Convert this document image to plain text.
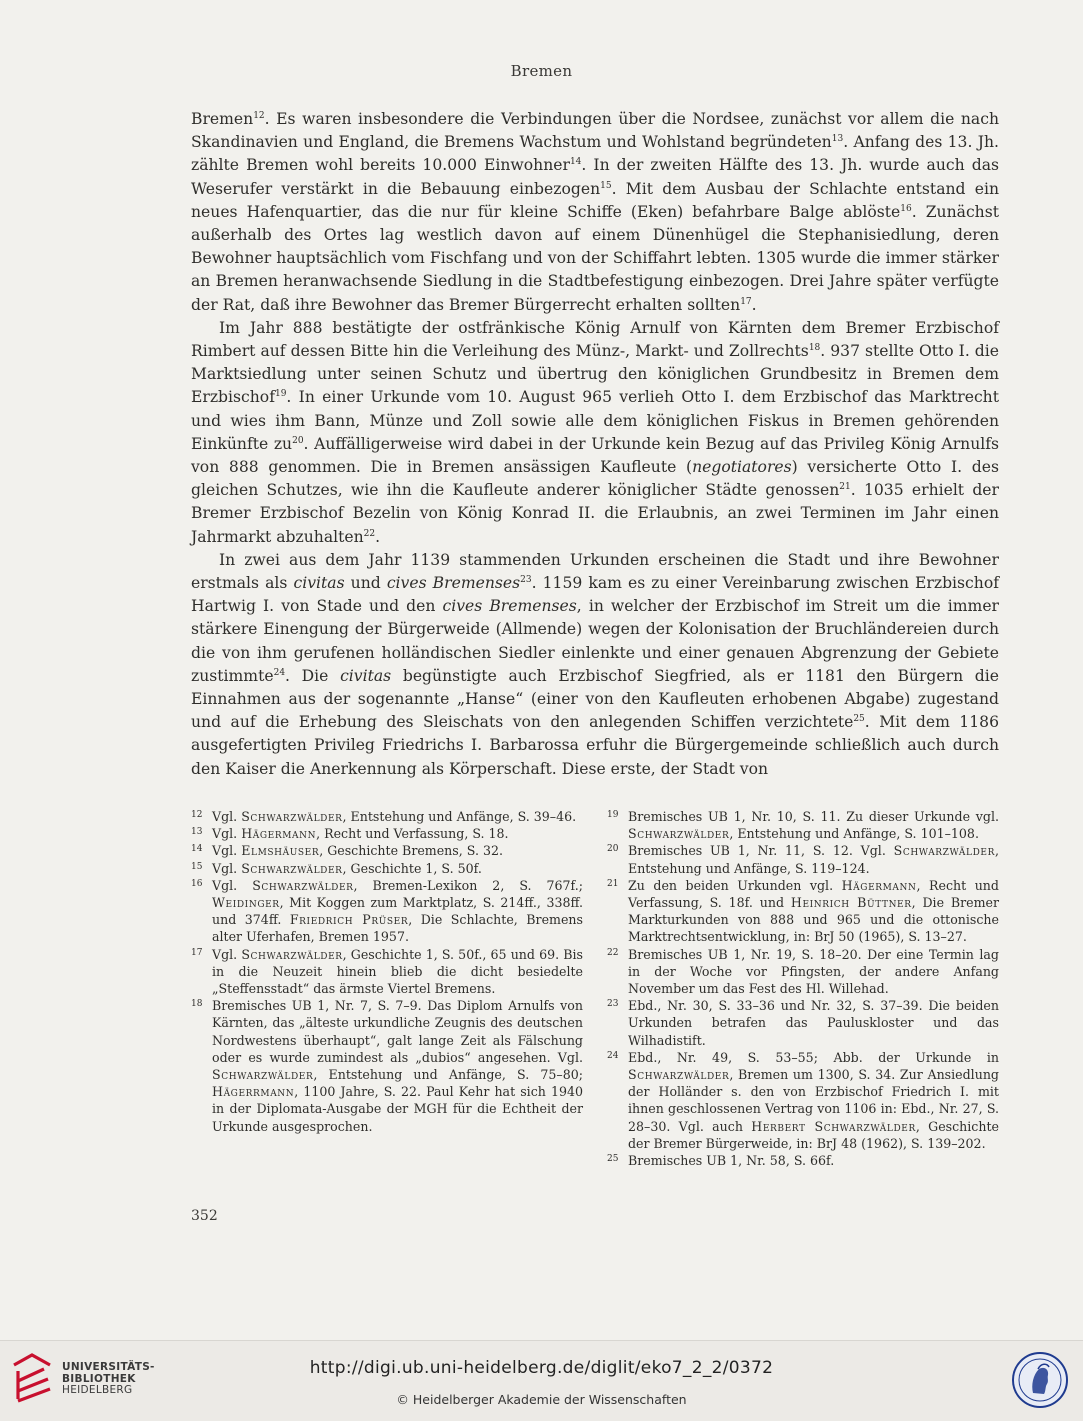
Bremen

Bremen$^{12}$. Es waren insbesondere die Verbindungen über die Nordsee, zunächst vor allem die nach Skandinavien und England, die Bremens Wachstum und Wohlstand begründeten$^{13}$. Anfang des 13. Jh. zählte Bremen wohl bereits 10.000 Einwohner$^{14}$. In der zweiten Hälfte des 13. Jh. wurde auch das Weserufer verstärkt in die Bebauung einbezogen$^{15}$. Mit dem Ausbau der Schlachte entstand ein neues Hafenquartier, das die nur für kleine Schiffe (Eken) befahrbare Balge ablöste$^{16}$. Zunächst außerhalb des Ortes lag westlich davon auf einem Dünenhügel die Stephanisiedlung, deren Bewohner hauptsächlich vom Fischfang und von der Schiffahrt lebten. 1305 wurde die immer stärker an Bremen heranwachsende Siedlung in die Stadtbefestigung einbezogen. Drei Jahre später verfügte der Rat, daß ihre Bewohner das Bremer Bürgerrecht erhalten sollten$^{17}$.

Im Jahr 888 bestätigte der ostfränkische König Arnulf von Kärnten dem Bremer Erzbischof Rimbert auf dessen Bitte hin die Verleihung des Münz-, Markt- und Zollrechts$^{18}$. 937 stellte Otto I. die Marktsiedlung unter seinen Schutz und übertrug den königlichen Grundbesitz in Bremen dem Erzbischof$^{19}$. In einer Urkunde vom 10. August 965 verlieh Otto I. dem Erzbischof das Marktrecht und wies ihm Bann, Münze und Zoll sowie alle dem königlichen Fiskus in Bremen gehörenden Einkünfte $zu^{20}$. Auffälligerweise wird dabei in der Urkunde kein Bezug auf das Privileg König Arnulfs von 888 genommen. Die in Bremen ansässigen Kaufleute (negotiatores) versicherte Otto I. des gleichen Schutzes, wie ihn die Kaufleute anderer königlicher Städte genossen$^{21}$. 1035 erhielt der Bremer Erzbischof Bezelin von König Konrad II. die Erlaubnis, an zwei Terminen im Jahr einen Jahrmarkt abzuhalten$^{22}$.

In zwei aus dem Jahr 1139 stammenden Urkunden erscheinen die Stadt und ihre Bewohner erstmals als civitas und cives Bremenses$^{23}$. 1159 kam es zu einer Vereinbarung zwischen Erzbischof Hartwig I. von Stade und den cives Bremenses, in welcher der Erzbischof im Streit um die immer stärkere Einengung der Bürgerweide (Allmende) wegen der Kolonisation der Bruchländereien durch die von ihm gerufenen holländischen Siedler einlenkte und einer genauen Abgrenzung der Gebiete zustimmte$^{24}$. Die civitas begünstigte auch Erzbischof Siegfried, als er 1181 den Bürgern die Einnahmen aus der sogenannte „Hanse“ (einer von den Kaufleuten erhobenen Abgabe) zugestand und auf die Erhebung des Sleischats von den anlegenden Schiffen verzichtete$^{25}$. Mit dem 1186 ausgefertigten Privileg Friedrichs I. Barbarossa erfuhr die Bürgergemeinde schließlich auch durch den Kaiser die Anerkennung als Körperschaft. Diese erste, der Stadt von

12 Vgl. Schwarzwälder, Entstehung und Anfänge, S. 39–46.

13 Vgl. Hägermann, Recht und Verfassung, S. 18.

14 Vgl. Elmshäuser, Geschichte Bremens, S. 32.

15 Vgl. Schwarzwälder, Geschichte 1, S. 50f.

16 Vgl. Schwarzwälder, Bremen-Lexikon 2, S. 767f.; Weidinger, Mit Koggen zum Marktplatz, S. 214ff., 338ff. und 374ff. Friedrich Prüser, Die Schlachte, Bremens alter Uferhafen, Bremen 1957.

17 Vgl. Schwarzwälder, Geschichte 1, S. 50f., 65 und 69. Bis in die Neuzeit hinein blieb die dicht besiedelte „Steffensstadt“ das ärmste Viertel Bremens.

18 Bremisches UB 1, Nr. 7, S. 7–9. Das Diplom Arnulfs von Kärnten, das „älteste urkundliche Zeugnis des deutschen Nordwestens überhaupt“, galt lange Zeit als Fälschung oder es wurde zumindest als „dubios“ angesehen. Vgl. Schwarzwälder, Entstehung und Anfänge, S. 75–80; Hägerrmann, 1100 Jahre, S. 22. Paul Kehr hat sich 1940 in der Diplomata-Ausgabe der MGH für die Echtheit der Urkunde ausgesprochen.

19 Bremisches UB 1, Nr. 10, S. 11. Zu dieser Urkunde vgl. Schwarzwälder, Entstehung und Anfänge, S. 101–108.

20 Bremisches UB 1, Nr. 11, S. 12. Vgl. Schwarzwälder, Entstehung und Anfänge, S. 119–124.

21 Zu den beiden Urkunden vgl. Hägermann, Recht und Verfassung, S. 18f. und Heinrich Büttner, Die Bremer Markturkunden von 888 und 965 und die ottonische Marktrechtsentwicklung, in: BrJ 50 (1965), S. 13–27.

22 Bremisches UB 1, Nr. 19, S. 18–20. Der eine Termin lag in der Woche vor Pfingsten, der andere Anfang November um das Fest des Hl. Willehad.

23 Ebd., Nr. 30, S. 33–36 und Nr. 32, S. 37–39. Die beiden Urkunden betrafen das Pauluskloster und das Wilhadistift.

24 Ebd., Nr. 49, S. 53–55; Abb. der Urkunde in Schwarzwälder, Bremen um 1300, S. 34. Zur Ansiedlung der Holländer s. den von Erzbischof Friedrich I. mit ihnen geschlossenen Vertrag von 1106 in: Ebd., Nr. 27, S. 28–30. Vgl. auch Herbert Schwarzwälder, Geschichte der Bremer Bürgerweide, in: BrJ 48 (1962), S. 139–202.

25 Bremisches UB 1, Nr. 58, S. 66f.

352
UNIVERSITÄTS-
BIBLIOTHEK
HEIDELBERG
http://digi.ub.uni-heidelberg.de/diglit/eko7_2_2/0372
© Heidelberger Akademie der Wissenschaften
